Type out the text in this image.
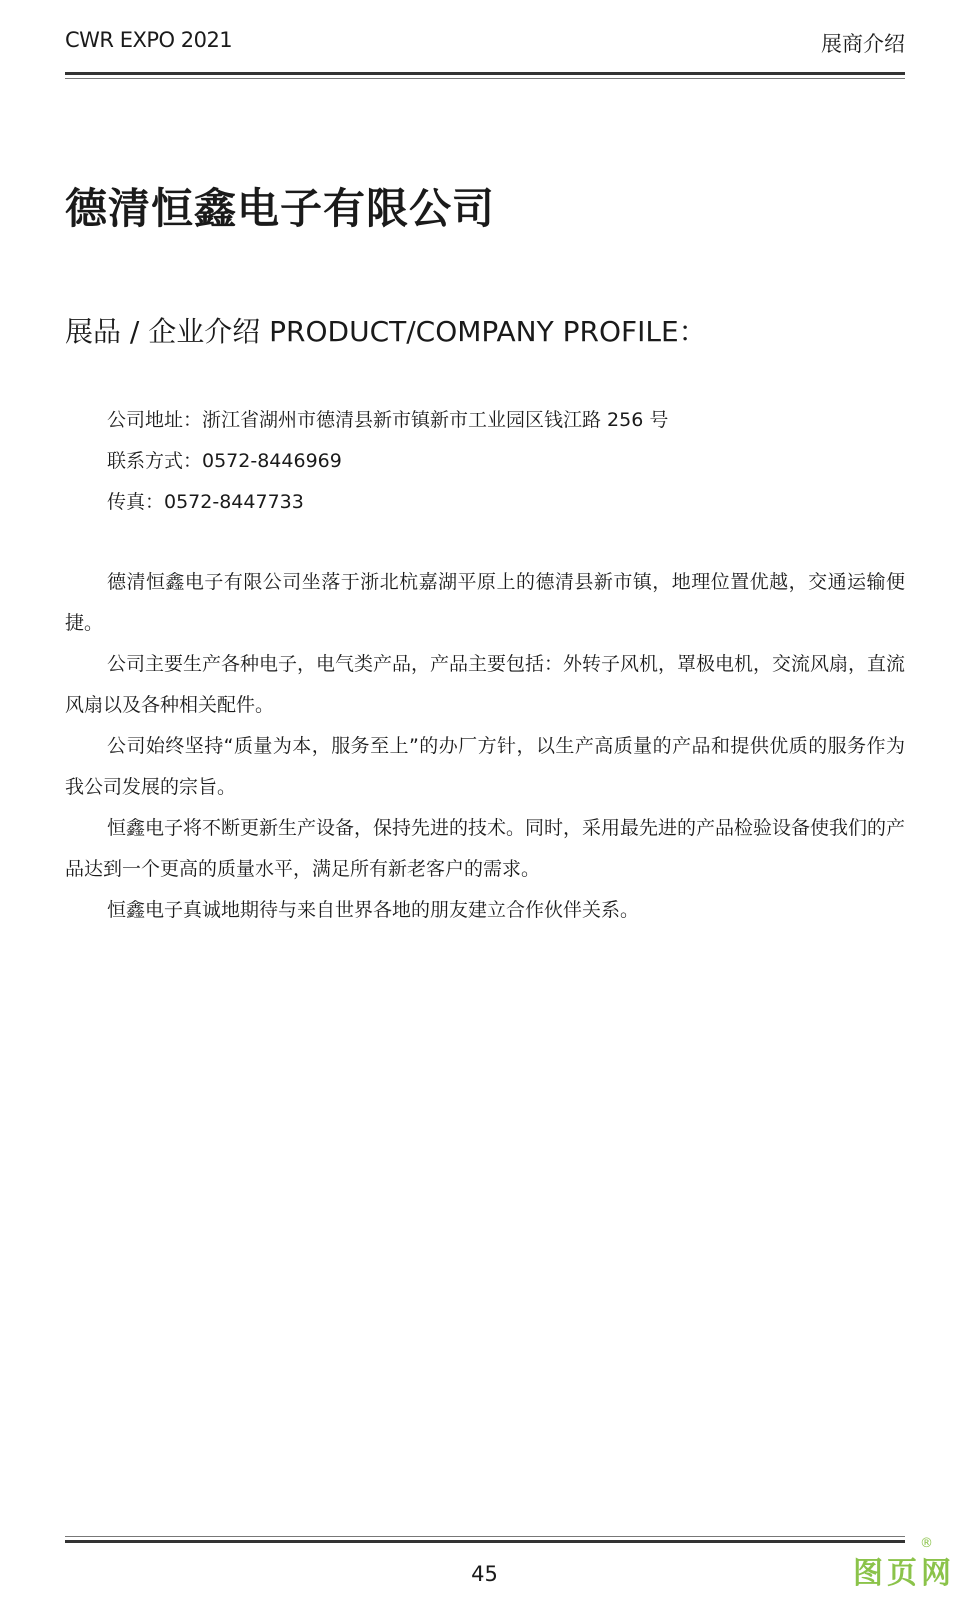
CWR EXPO 2021	展商介绍
德清恒鑫电子有限公司
展品 / 企业介绍 PRODUCT/COMPANY PROFILE：
公司地址：浙江省湖州市德清县新市镇新市工业园区钱江路 256 号
联系方式：0572-8446969
传真：0572-8447733

德清恒鑫电子有限公司坐落于浙北杭嘉湖平原上的德清县新市镇，地理位置优越，交通运输便捷。

公司主要生产各种电子，电气类产品，产品主要包括：外转子风机，罩极电机，交流风扇，直流风扇以及各种相关配件。

公司始终坚持“质量为本，服务至上”的办厂方针，以生产高质量的产品和提供优质的服务作为我公司发展的宗旨。

恒鑫电子将不断更新生产设备，保持先进的技术。同时，采用最先进的产品检验设备使我们的产品达到一个更高的质量水平，满足所有新老客户的需求。

恒鑫电子真诚地期待与来自世界各地的朋友建立合作伙伴关系。

45	图页网
®
